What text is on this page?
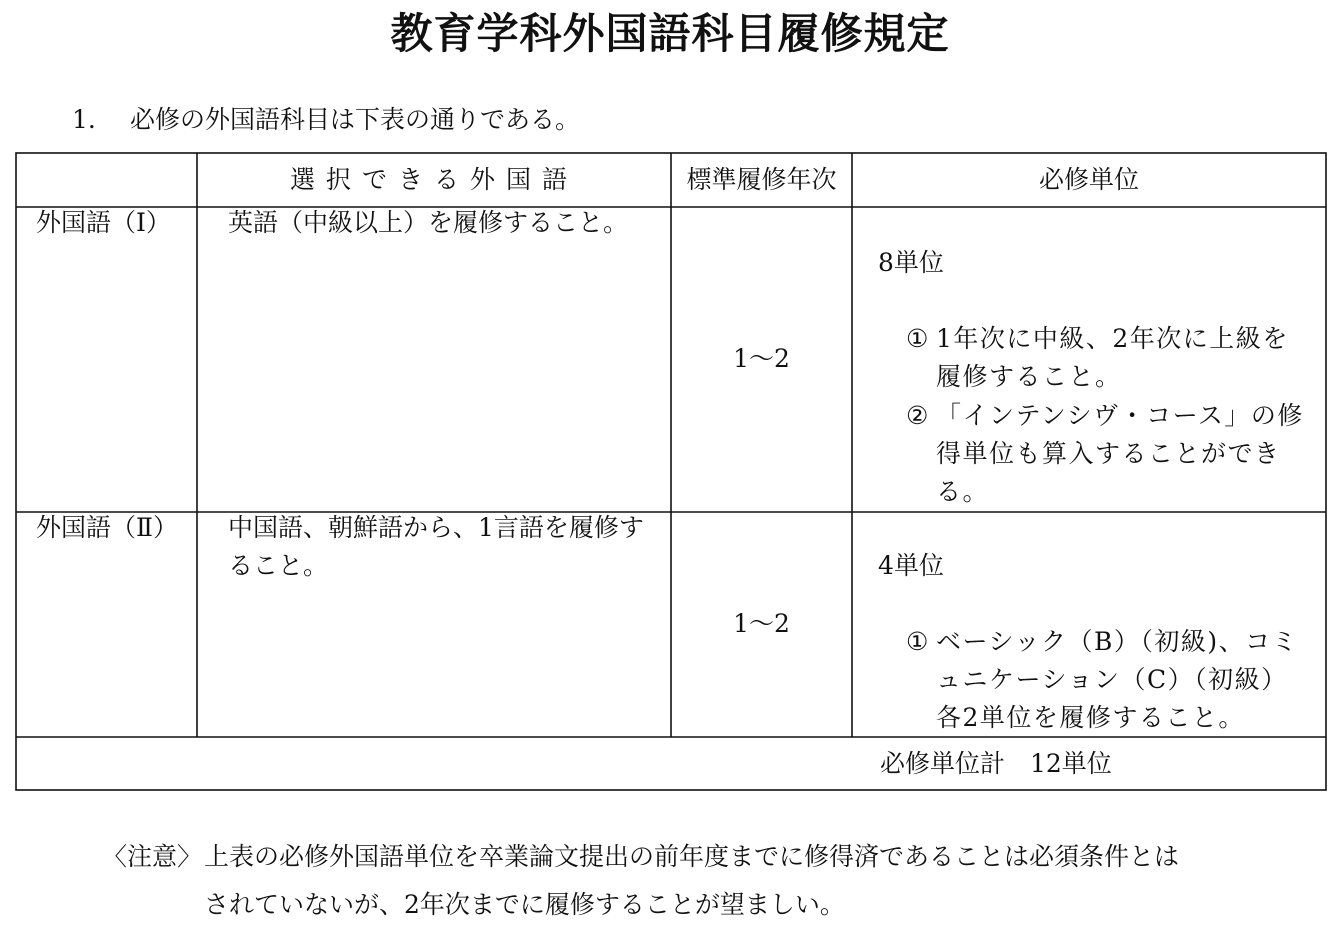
教育学科外国語科目履修規定
1. 必修の外国語科目は下表の通りである。
選択できる外国語	標準履修年次	必修単位
外国語（Ⅰ） 英語（中級以上）を履修すること。
1～2
8単位
① 1年次に中級、2年次に上級を履修すること。
② 「インテンシヴ・コース」の修得単位も算入することができる。
外国語（Ⅱ） 中国語、朝鮮語から、1言語を履修すること。
1～2
4単位
① ベーシック（B）（初級)、コミュニケーション（C）（初級）各2単位を履修すること。
必修単位計　12単位
〈注意〉 上表の必修外国語単位を卒業論文提出の前年度までに修得済であることは必須条件とは
されていないが、2年次までに履修することが望ましい。
